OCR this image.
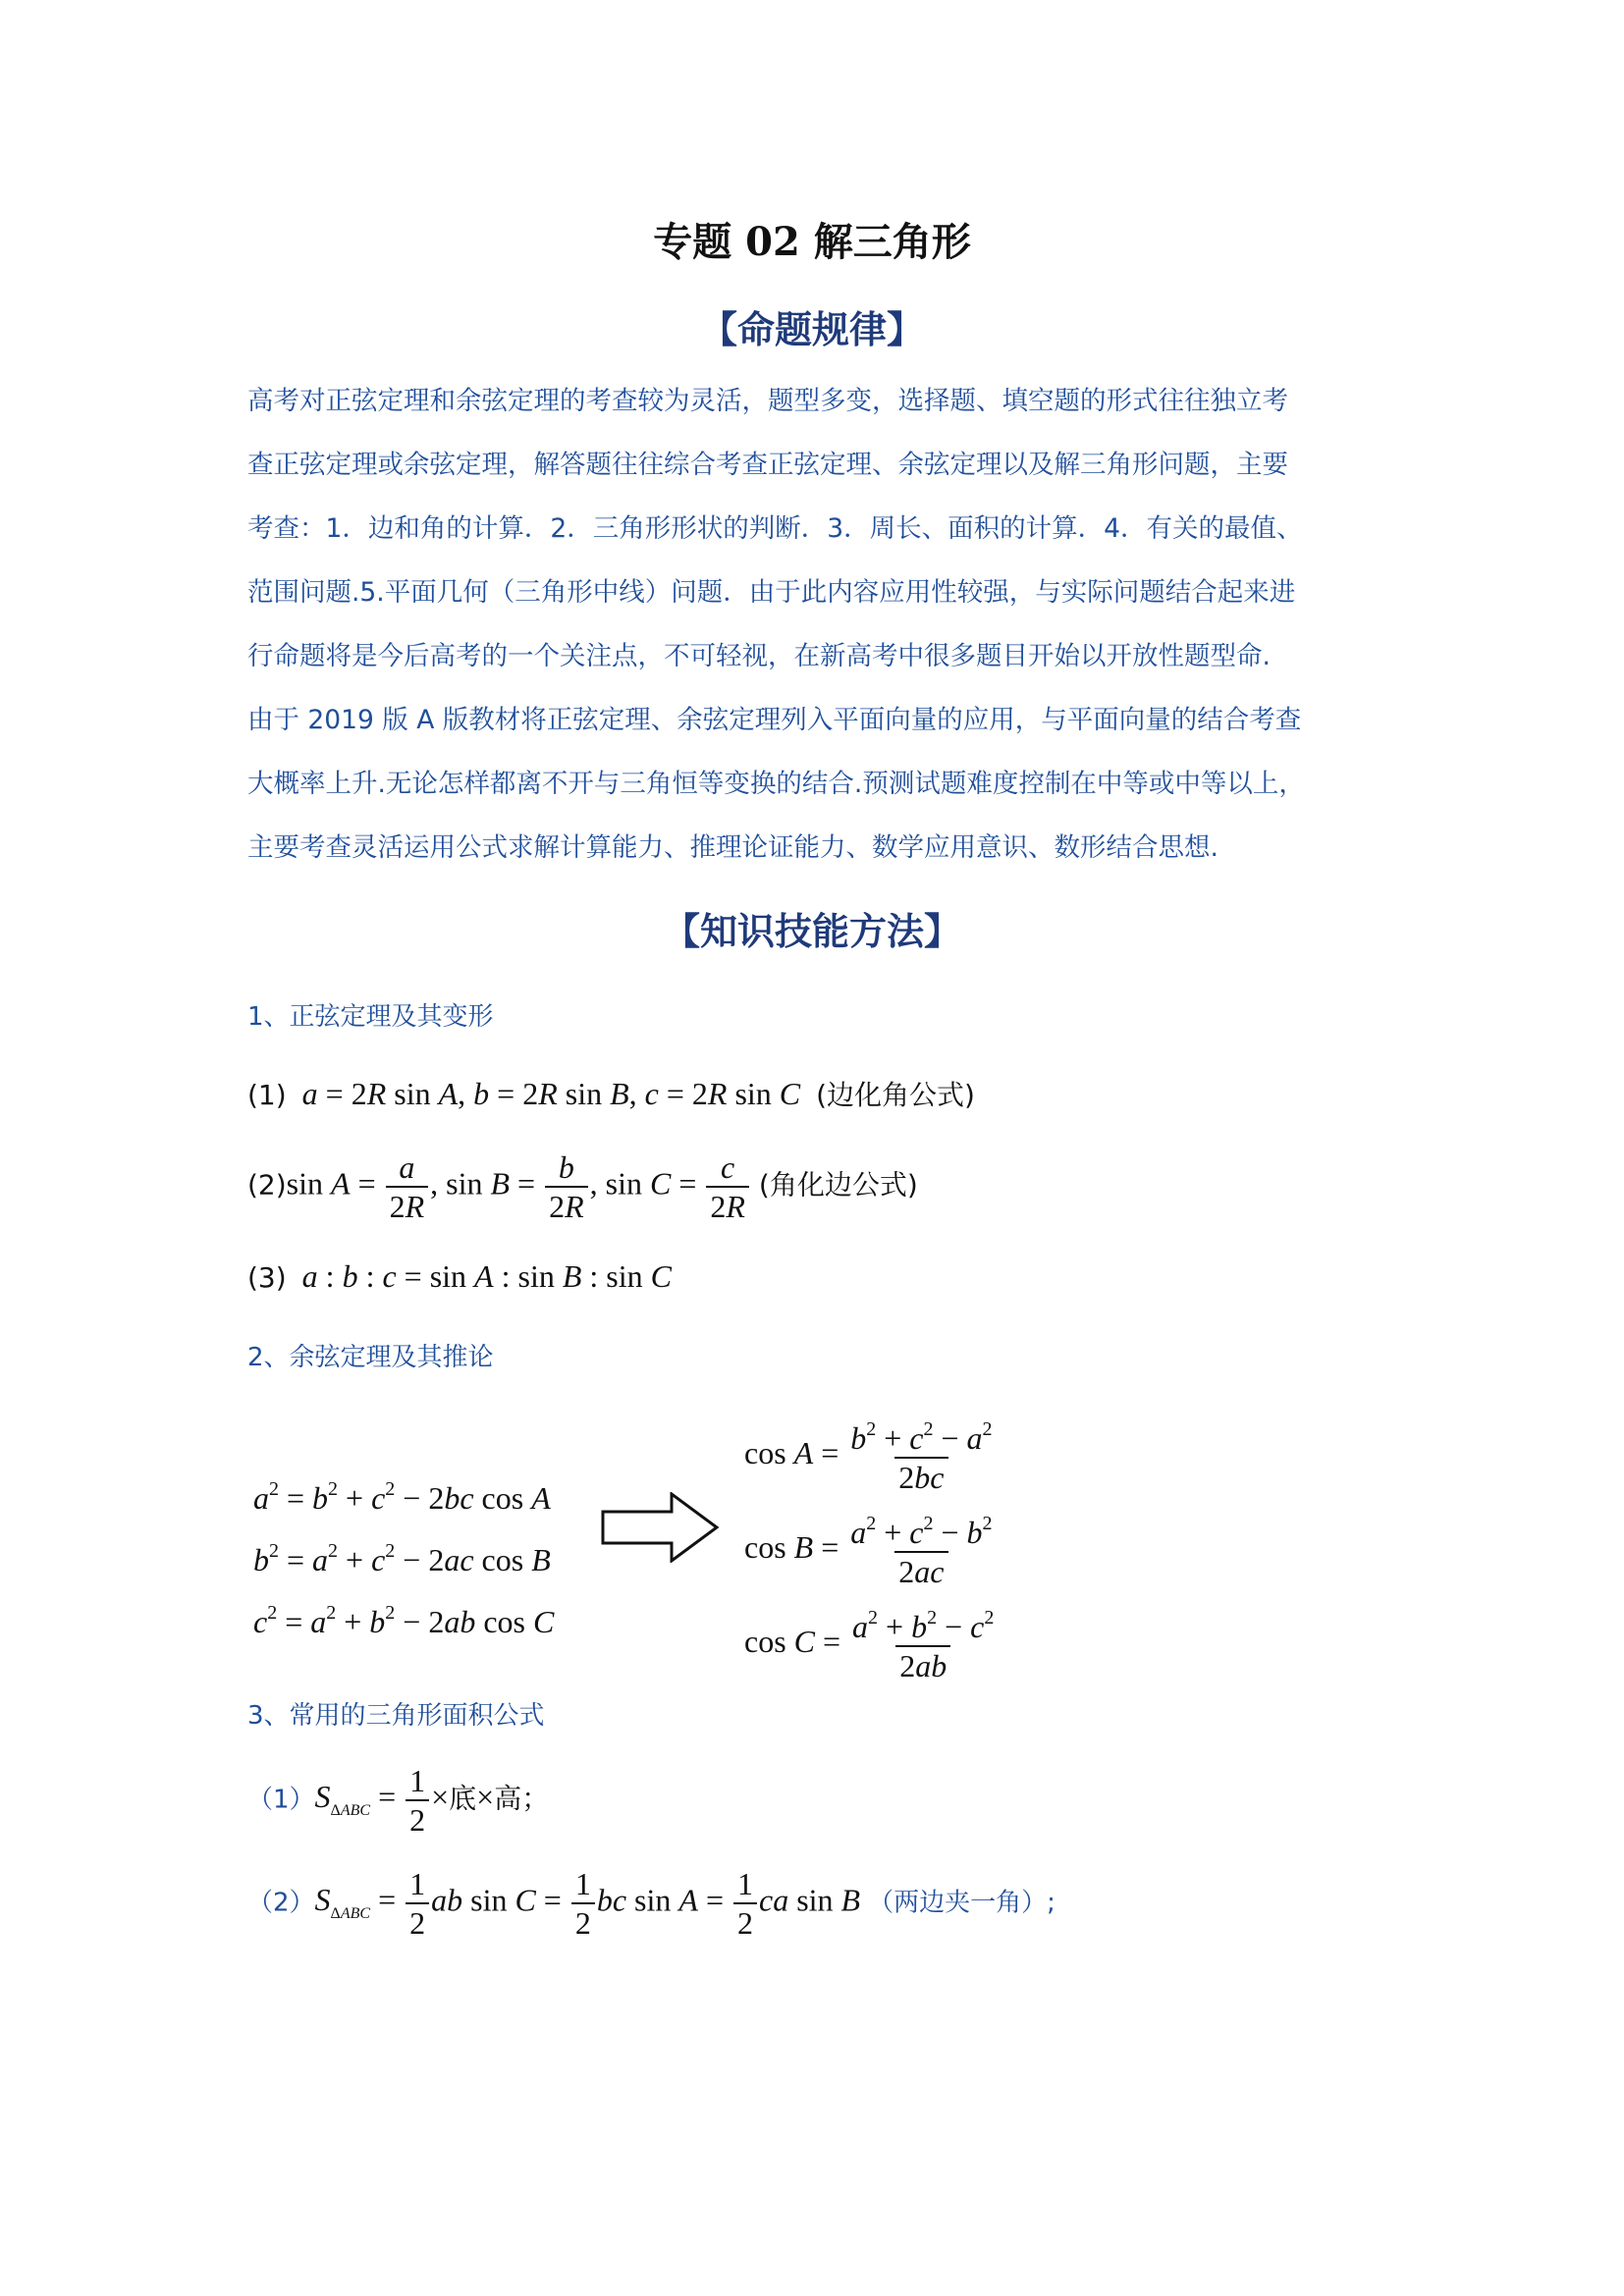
专题 02 解三角形
【命题规律】

高考对正弦定理和余弦定理的考查较为灵活，题型多变，选择题、填空题的形式往往独立考

查正弦定理或余弦定理，解答题往往综合考查正弦定理、余弦定理以及解三角形问题，主要

考查：1．边和角的计算．2．三角形形状的判断．3．周长、面积的计算．4．有关的最值、

范围问题.5.平面几何（三角形中线）问题．由于此内容应用性较强，与实际问题结合起来进

行命题将是今后高考的一个关注点，不可轻视，在新高考中很多题目开始以开放性题型命.

由于 2019 版 A 版教材将正弦定理、余弦定理列入平面向量的应用，与平面向量的结合考查

大概率上升.无论怎样都离不开与三角恒等变换的结合.预测试题难度控制在中等或中等以上，

主要考查灵活运用公式求解计算能力、推理论证能力、数学应用意识、数形结合思想.

【知识技能方法】
1、正弦定理及其变形
(1) a = 2R sin A, b = 2R sin B, c = 2R sin C (边化角公式)
(2)sin $A = \frac{a}{2R}$ , $\sin B = \frac{b}{2R}$ , $\sin C = \frac{c}{2R}$ (角化边公式)
(3) a : b : c = sin A : sin B : sin C
2、余弦定理及其推论
$a^2 = b^2 + c^2 - 2bc$ cos A
$b^2 = a^2 + c^2 - 2ac$ cos B
$c^2 = a^2 + b^2 - 2ab$ cos C
$\cos A = \frac{b^2 + c^2 - a^2}{2bc}$
$\cos B = \frac{a^2 + c^2 - b^2}{2ac}$
$\cos C = \frac{a^2 + b^2 - c^2}{2ab}$
3、常用的三角形面积公式
$(1)S_{\Delta ABC} = \frac{1}{2}$ ×底×高；
$(2)S_{\Delta ABC} = \frac{1}{2}$ ab $\sin C = \frac{1}{2}$ bc $\sin A = \frac{1}{2}$ ca sin B （两边夹一角）;
